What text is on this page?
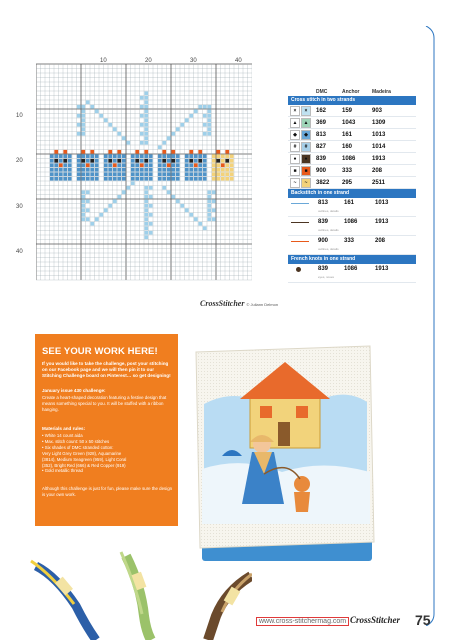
10	20	30	40
10
20
30
40
CrossStitcher © Juliann Delmon
DMC	Anchor	Madeira
Cross stitch in two strands
×	×	162	159	903
▲	▲	369	1043	1309
◆	◆	813	161	1013
#	#	827	160	1014
●	●	839	1086	1913
■	■	900	333	208
~	~	3822	295	2511
Backstitch in one strand
813	161	1013
outlines, details
839	1086	1913
outlines, details
900	333	208
outlines, details
French knots in one strand
839	1086	1913
eyes, noses
SEE YOUR WORK HERE!
If you would like to take the challenge, post your stitching on our Facebook page and we will then pin it to our Stitching Challenge board on Pinterest… so get designing!
January issue 430 challenge:
Create a heart-shaped decoration featuring a festive design that means something special to you. It will be stuffed with a ribbon hanging.
Materials and rules:
• White 14 count aida
• Max. stitch count: 50 x 50 stitches
• Six shades of DMC stranded cotton:
Very Light Grey Green (928), Aquamarine
(3814), Medium Seagreen (959), Light Coral
(352), Bright Red (666) & Red Copper (919)
• Gold metallic thread
Although this challenge is just for fun, please make sure the design is your own work.
www.cross-stitchermag.com CrossStitcher 75
